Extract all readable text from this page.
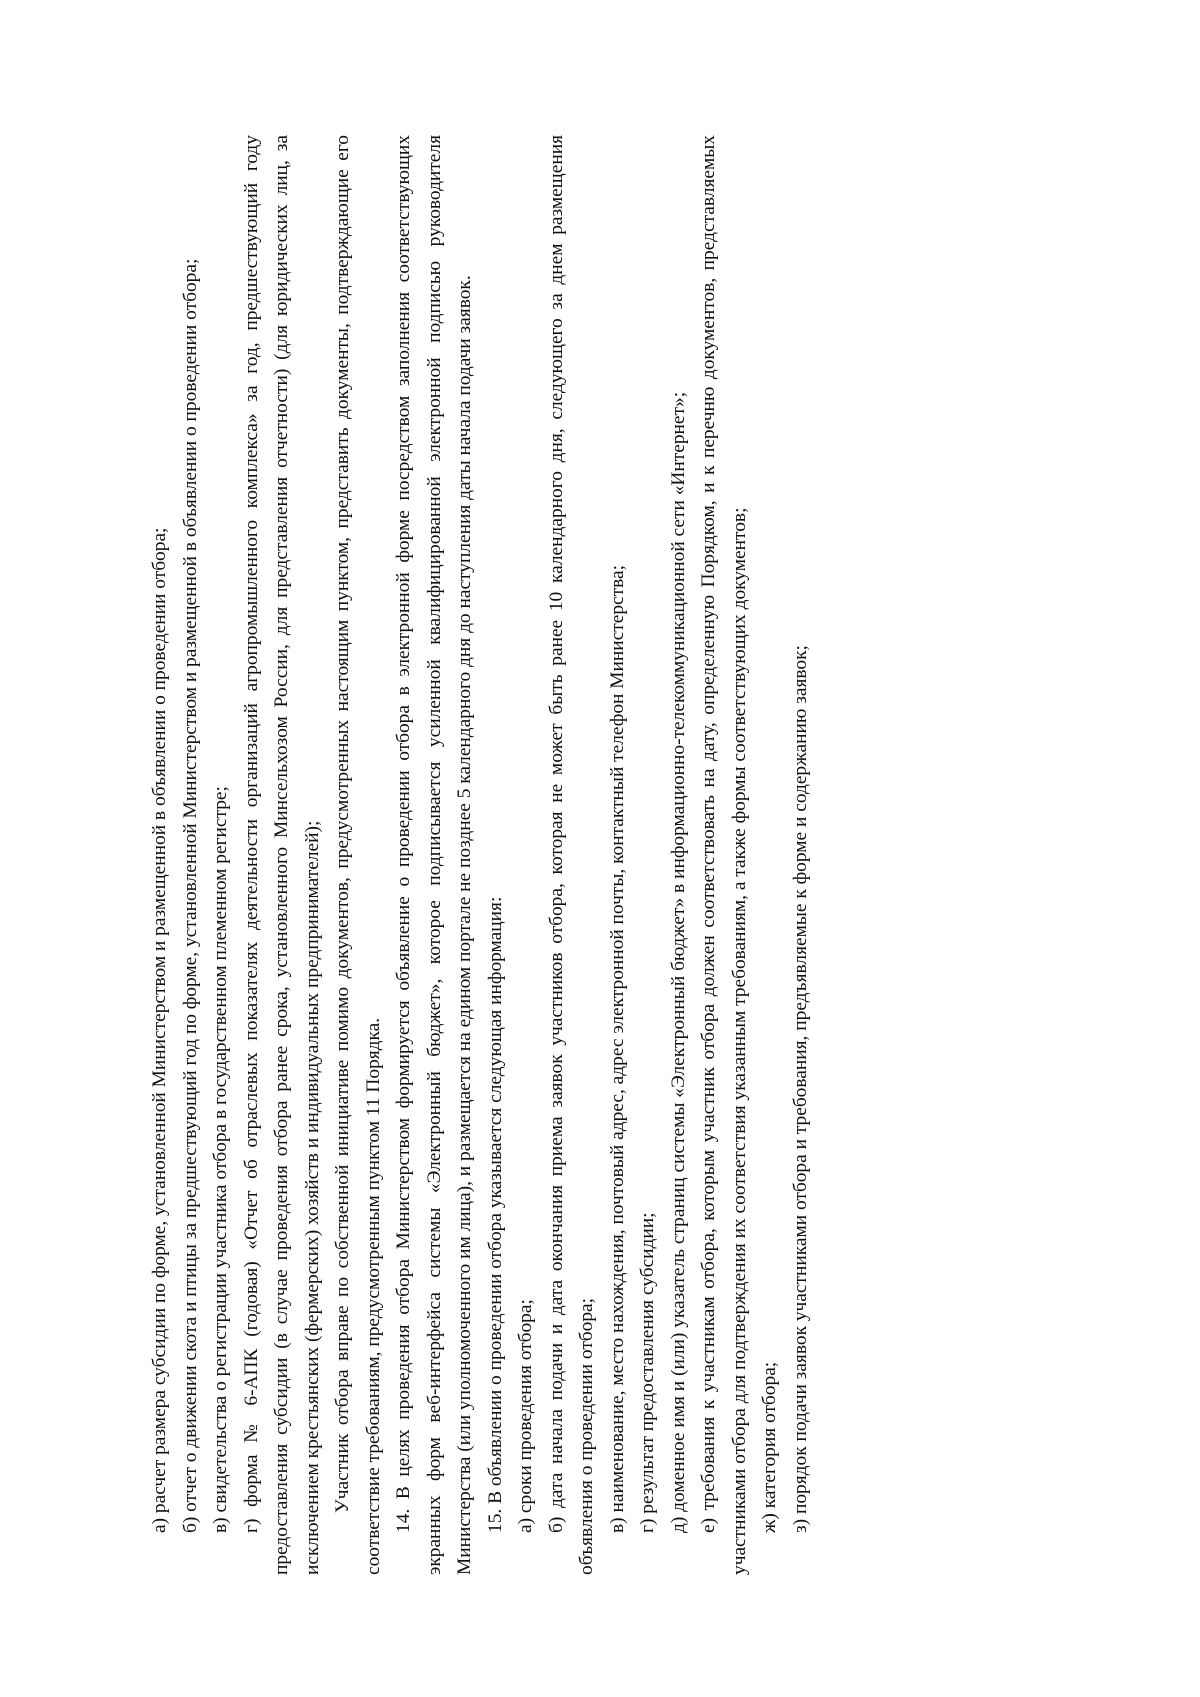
а) расчет размера субсидии по форме, установленной Министерством и размещенной в объявлении о проведении отбора; б) отчет о движении скота и птицы за предшествующий год по форме, установленной Министерством и размещенной в объявлении о проведении отбора; в) свидетельства о регистрации участника отбора в государственном племенном регистре; г) форма № 6-АПК (годовая) «Отчет об отраслевых показателях деятельности организаций агропромышленного комплекса» за год, предшествующий году предоставления субсидии (в случае проведения отбора ранее срока, установленного Минсельхозом России, для представления отчетности) (для юридических лиц, за исключением крестьянских (фермерских) хозяйств и индивидуальных предпринимателей); Участник отбора вправе по собственной инициативе помимо документов, предусмотренных настоящим пунктом, представить документы, подтверждающие его соответствие требованиям, предусмотренным пунктом 11 Порядка. 14. В целях проведения отбора Министерством формируется объявление о проведении отбора в электронной форме посредством заполнения соответствующих экранных форм веб-интерфейса системы «Электронный бюджет», которое подписывается усиленной квалифицированной электронной подписью руководителя Министерства (или уполномоченного им лица), и размещается на едином портале не позднее 5 календарного дня до наступления даты начала подачи заявок. 15. В объявлении о проведении отбора указывается следующая информация: а) сроки проведения отбора; б) дата начала подачи и дата окончания приема заявок участников отбора, которая не может быть ранее 10 календарного дня, следующего за днем размещения объявления о проведении отбора; в) наименование, место нахождения, почтовый адрес, адрес электронной почты, контактный телефон Министерства; г) результат предоставления субсидии; д) доменное имя и (или) указатель страниц системы «Электронный бюджет» в информационно-телекоммуникационной сети «Интернет»; е) требования к участникам отбора, которым участник отбора должен соответствовать на дату, определенную Порядком, и к перечню документов, представляемых участниками отбора для подтверждения их соответствия указанным требованиям, а также формы соответствующих документов; ж) категория отбора; з) порядок подачи заявок участниками отбора и требования, предъявляемые к форме и содержанию заявок;
